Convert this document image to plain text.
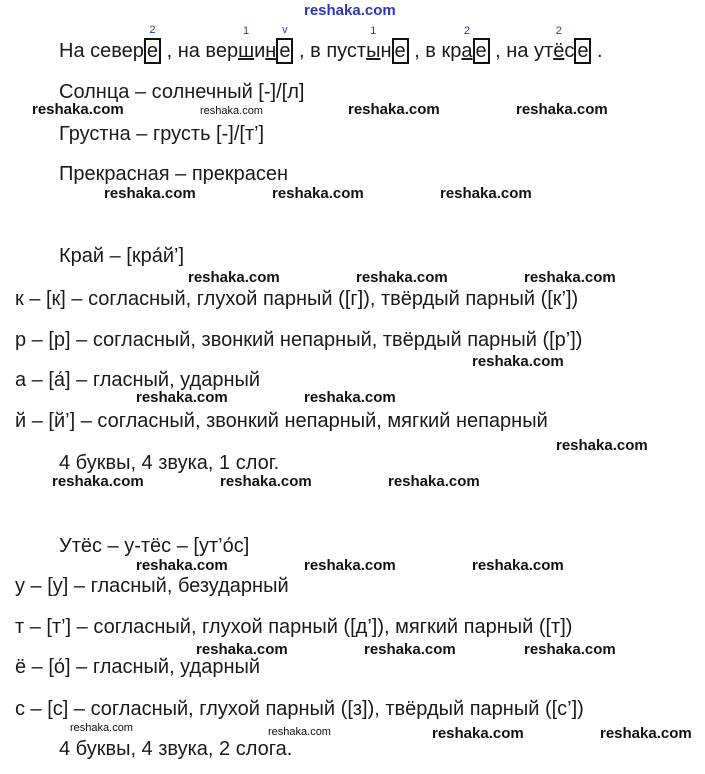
reshaka.com
На север е
2
, на верш
1
ин е
v
, в пусты
1
н е , в кра
2
е , на утё
2
с е .
Солнца – солнечный [-]/[л]
Грустна – грусть [-]/[т’]
Прекрасная – прекрасен
Край – [кра́й’]
к – [к] – согласный, глухой парный ([г]), твёрдый парный ([к’])
р – [р] – согласный, звонкий непарный, твёрдый парный ([р’])
а – [а́] – гласный, ударный
й – [й’] – согласный, звонкий непарный, мягкий непарный
4 буквы, 4 звука, 1 слог.
Утёс – у-тёс – [ут’о́с]
у – [у] – гласный, безударный
т – [т’] – согласный, глухой парный ([д’]), мягкий парный ([т])
ё – [о́] – гласный, ударный
с – [с] – согласный, глухой парный ([з]), твёрдый парный ([с’])
4 буквы, 4 звука, 2 слога.
reshaka.com	reshaka.com	reshaka.com	reshaka.com
reshaka.com	reshaka.com	reshaka.com
reshaka.com	reshaka.com	reshaka.com
reshaka.com
reshaka.com	reshaka.com
reshaka.com
reshaka.com	reshaka.com	reshaka.com
reshaka.com	reshaka.com	reshaka.com
reshaka.com
reshaka.com	reshaka.com
reshaka.com	reshaka.com	reshaka.com	reshaka.com
